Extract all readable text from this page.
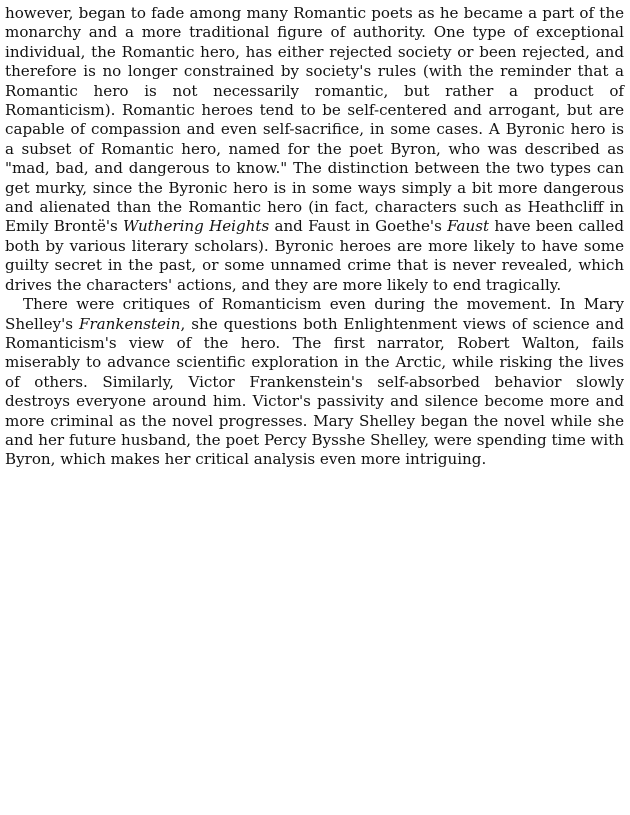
however, began to fade among many Romantic poets as he became a part of the monarchy and a more traditional figure of authority. One type of exceptional individual, the Romantic hero, has either rejected society or been rejected, and therefore is no longer constrained by society's rules (with the reminder that a Romantic hero is not necessarily romantic, but rather a product of Romanticism). Romantic heroes tend to be self-centered and arrogant, but are capable of compassion and even self-sacrifice, in some cases. A Byronic hero is a subset of Romantic hero, named for the poet Byron, who was described as "mad, bad, and dangerous to know." The distinction between the two types can get murky, since the Byronic hero is in some ways simply a bit more dangerous and alienated than the Romantic hero (in fact, characters such as Heathcliff in Emily Brontë's Wuthering Heights and Faust in Goethe's Faust have been called both by various literary scholars). Byronic heroes are more likely to have some guilty secret in the past, or some unnamed crime that is never revealed, which drives the characters' actions, and they are more likely to end tragically.

There were critiques of Romanticism even during the movement. In Mary Shelley's Frankenstein, she questions both Enlightenment views of science and Romanticism's view of the hero. The first narrator, Robert Walton, fails miserably to advance scientific exploration in the Arctic, while risking the lives of others. Similarly, Victor Frankenstein's self-absorbed behavior slowly destroys everyone around him. Victor's passivity and silence become more and more criminal as the novel progresses. Mary Shelley began the novel while she and her future husband, the poet Percy Bysshe Shelley, were spending time with Byron, which makes her critical analysis even more intriguing.
